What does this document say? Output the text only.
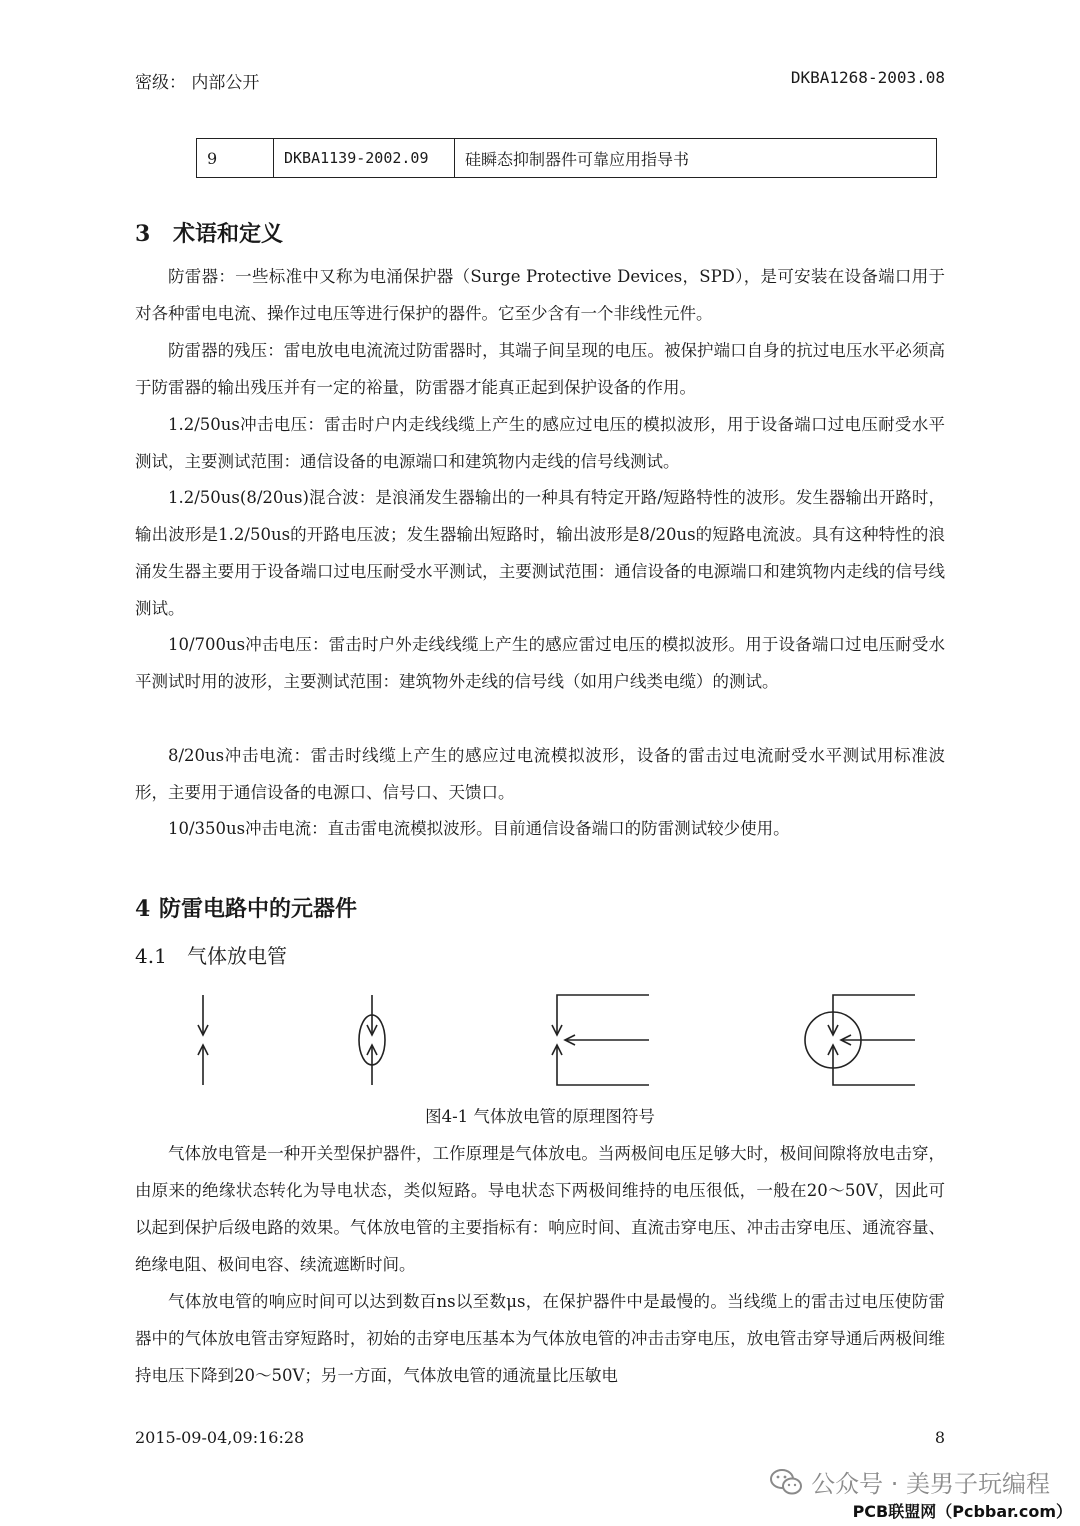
密级： 内部公开	DKBA1268-2003.08
9	DKBA1139-2002.09	硅瞬态抑制器件可靠应用指导书
3 术语和定义

防雷器：一些标准中又称为电涌保护器（Surge Protective Devices，SPD），是可安装在设备端口用于对各种雷电电流、操作过电压等进行保护的器件。它至少含有一个非线性元件。

防雷器的残压：雷电放电电流流过防雷器时，其端子间呈现的电压。被保护端口自身的抗过电压水平必须高于防雷器的输出残压并有一定的裕量，防雷器才能真正起到保护设备的作用。

1.2/50us冲击电压：雷击时户内走线线缆上产生的感应过电压的模拟波形，用于设备端口过电压耐受水平测试，主要测试范围：通信设备的电源端口和建筑物内走线的信号线测试。

1.2/50us(8/20us)混合波：是浪涌发生器输出的一种具有特定开路/短路特性的波形。发生器输出开路时，输出波形是1.2/50us的开路电压波；发生器输出短路时，输出波形是8/20us的短路电流波。具有这种特性的浪涌发生器主要用于设备端口过电压耐受水平测试，主要测试范围：通信设备的电源端口和建筑物内走线的信号线测试。

10/700us冲击电压：雷击时户外走线线缆上产生的感应雷过电压的模拟波形。用于设备端口过电压耐受水平测试时用的波形，主要测试范围：建筑物外走线的信号线（如用户线类电缆）的测试。

8/20us冲击电流：雷击时线缆上产生的感应过电流模拟波形，设备的雷击过电流耐受水平测试用标准波形，主要用于通信设备的电源口、信号口、天馈口。

10/350us冲击电流：直击雷电流模拟波形。目前通信设备端口的防雷测试较少使用。

4 防雷电路中的元器件
4.1 气体放电管
图4-1 气体放电管的原理图符号

气体放电管是一种开关型保护器件，工作原理是气体放电。当两极间电压足够大时，极间间隙将放电击穿，由原来的绝缘状态转化为导电状态，类似短路。导电状态下两极间维持的电压很低，一般在20～50V，因此可以起到保护后级电路的效果。气体放电管的主要指标有：响应时间、直流击穿电压、冲击击穿电压、通流容量、绝缘电阻、极间电容、续流遮断时间。

气体放电管的响应时间可以达到数百ns以至数μs，在保护器件中是最慢的。当线缆上的雷击过电压使防雷器中的气体放电管击穿短路时，初始的击穿电压基本为气体放电管的冲击击穿电压，放电管击穿导通后两极间维持电压下降到20～50V；另一方面，气体放电管的通流量比压敏电

2015-09-04,09:16:28	8
公众号 · 美男子玩编程
PCB联盟网（Pcbbar.com）
